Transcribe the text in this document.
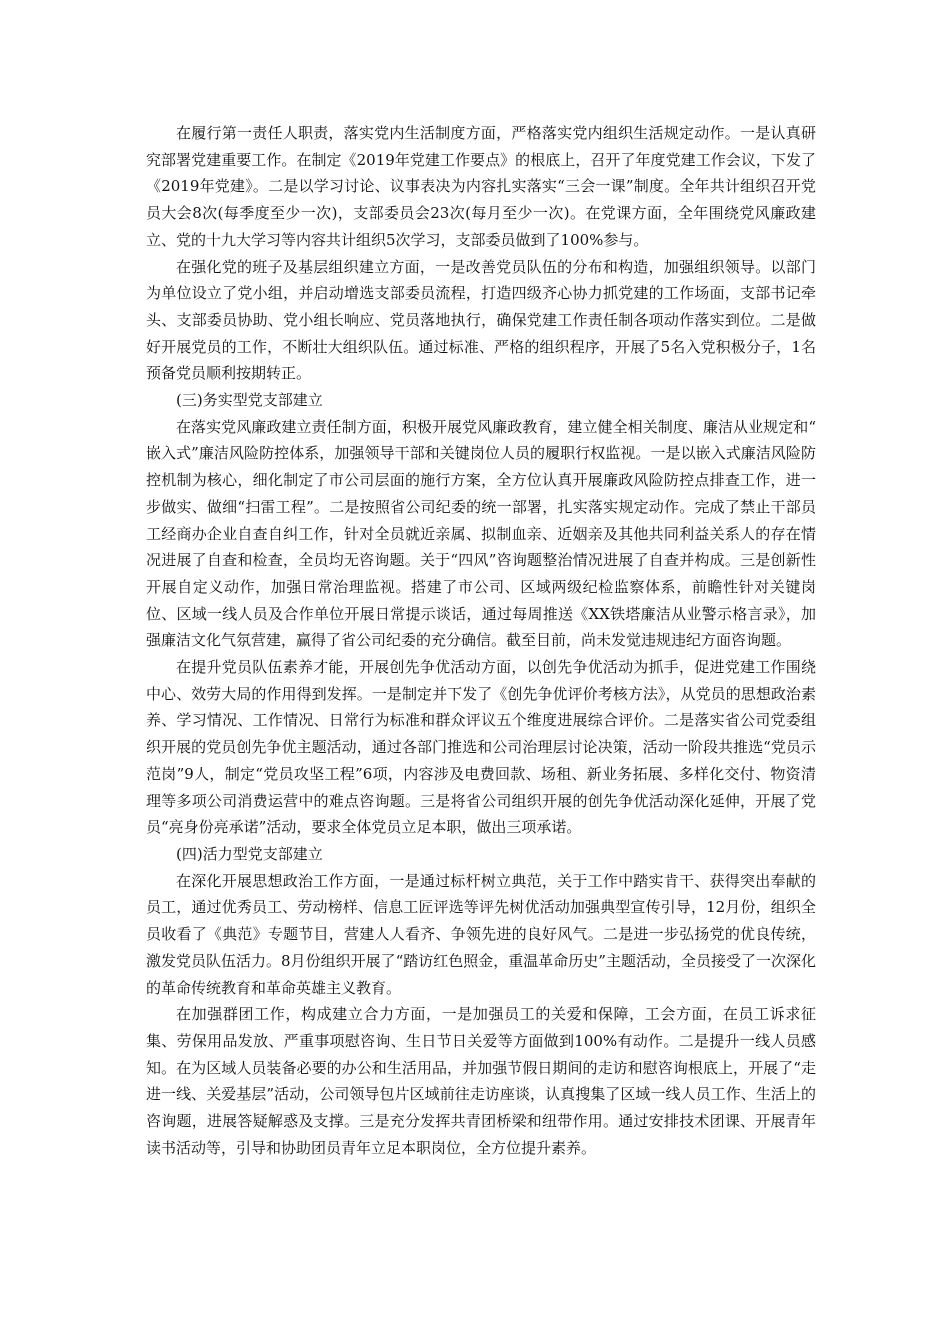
在履行第一责任人职责，落实党内生活制度方面，严格落实党内组织生活规定动作。一是认真研究部署党建重要工作。在制定《2019年党建工作要点》的根底上，召开了年度党建工作会议，下发了《2019年党建》。二是以学习讨论、议事表决为内容扎实落实“三会一课”制度。全年共计组织召开党员大会8次(每季度至少一次)，支部委员会23次(每月至少一次)。在党课方面，全年围绕党风廉政建立、党的十九大学习等内容共计组织5次学习，支部委员做到了100%参与。

在强化党的班子及基层组织建立方面，一是改善党员队伍的分布和构造，加强组织领导。以部门为单位设立了党小组，并启动增选支部委员流程，打造四级齐心协力抓党建的工作场面，支部书记牵头、支部委员协助、党小组长响应、党员落地执行，确保党建工作责任制各项动作落实到位。二是做好开展党员的工作，不断壮大组织队伍。通过标准、严格的组织程序，开展了5名入党积极分子，1名预备党员顺利按期转正。

(三)务实型党支部建立

在落实党风廉政建立责任制方面，积极开展党风廉政教育，建立健全相关制度、廉洁从业规定和“ 嵌入式”廉洁风险防控体系，加强领导干部和关键岗位人员的履职行权监视。一是以嵌入式廉洁风险防控机制为核心，细化制定了市公司层面的施行方案，全方位认真开展廉政风险防控点排查工作，进一步做实、做细“扫雷工程”。二是按照省公司纪委的统一部署，扎实落实规定动作。完成了禁止干部员工经商办企业自查自纠工作，针对全员就近亲属、拟制血亲、近姻亲及其他共同利益关系人的存在情况进展了自查和检查，全员均无咨询题。关于“四风”咨询题整治情况进展了自查并构成。三是创新性开展自定义动作，加强日常治理监视。搭建了市公司、区域两级纪检监察体系，前瞻性针对关键岗位、区域一线人员及合作单位开展日常提示谈话，通过每周推送《XX铁塔廉洁从业警示格言录》，加强廉洁文化气氛营建，赢得了省公司纪委的充分确信。截至目前，尚未发觉违规违纪方面咨询题。

在提升党员队伍素养才能，开展创先争优活动方面，以创先争优活动为抓手，促进党建工作围绕中心、效劳大局的作用得到发挥。一是制定并下发了《创先争优评价考核方法》，从党员的思想政治素养、学习情况、工作情况、日常行为标准和群众评议五个维度进展综合评价。二是落实省公司党委组织开展的党员创先争优主题活动，通过各部门推选和公司治理层讨论决策，活动一阶段共推选“党员示范岗”9人，制定“党员攻坚工程”6项，内容涉及电费回款、场租、新业务拓展、多样化交付、物资清理等多项公司消费运营中的难点咨询题。三是将省公司组织开展的创先争优活动深化延伸，开展了党员“亮身份亮承诺”活动，要求全体党员立足本职，做出三项承诺。

(四)活力型党支部建立

在深化开展思想政治工作方面，一是通过标杆树立典范，关于工作中踏实肯干、获得突出奉献的员工，通过优秀员工、劳动榜样、信息工匠评选等评先树优活动加强典型宣传引导，12月份，组织全员收看了《典范》专题节目，营建人人看齐、争领先进的良好风气。二是进一步弘扬党的优良传统，激发党员队伍活力。8月份组织开展了“踏访红色照金，重温革命历史”主题活动，全员接受了一次深化的革命传统教育和革命英雄主义教育。

在加强群团工作，构成建立合力方面，一是加强员工的关爱和保障，工会方面，在员工诉求征集、劳保用品发放、严重事项慰咨询、生日节日关爱等方面做到100%有动作。二是提升一线人员感知。在为区域人员装备必要的办公和生活用品，并加强节假日期间的走访和慰咨询根底上，开展了“走进一线、关爱基层”活动，公司领导包片区域前往走访座谈，认真搜集了区域一线人员工作、生活上的咨询题，进展答疑解惑及支撑。三是充分发挥共青团桥梁和纽带作用。通过安排技术团课、开展青年读书活动等，引导和协助团员青年立足本职岗位，全方位提升素养。
